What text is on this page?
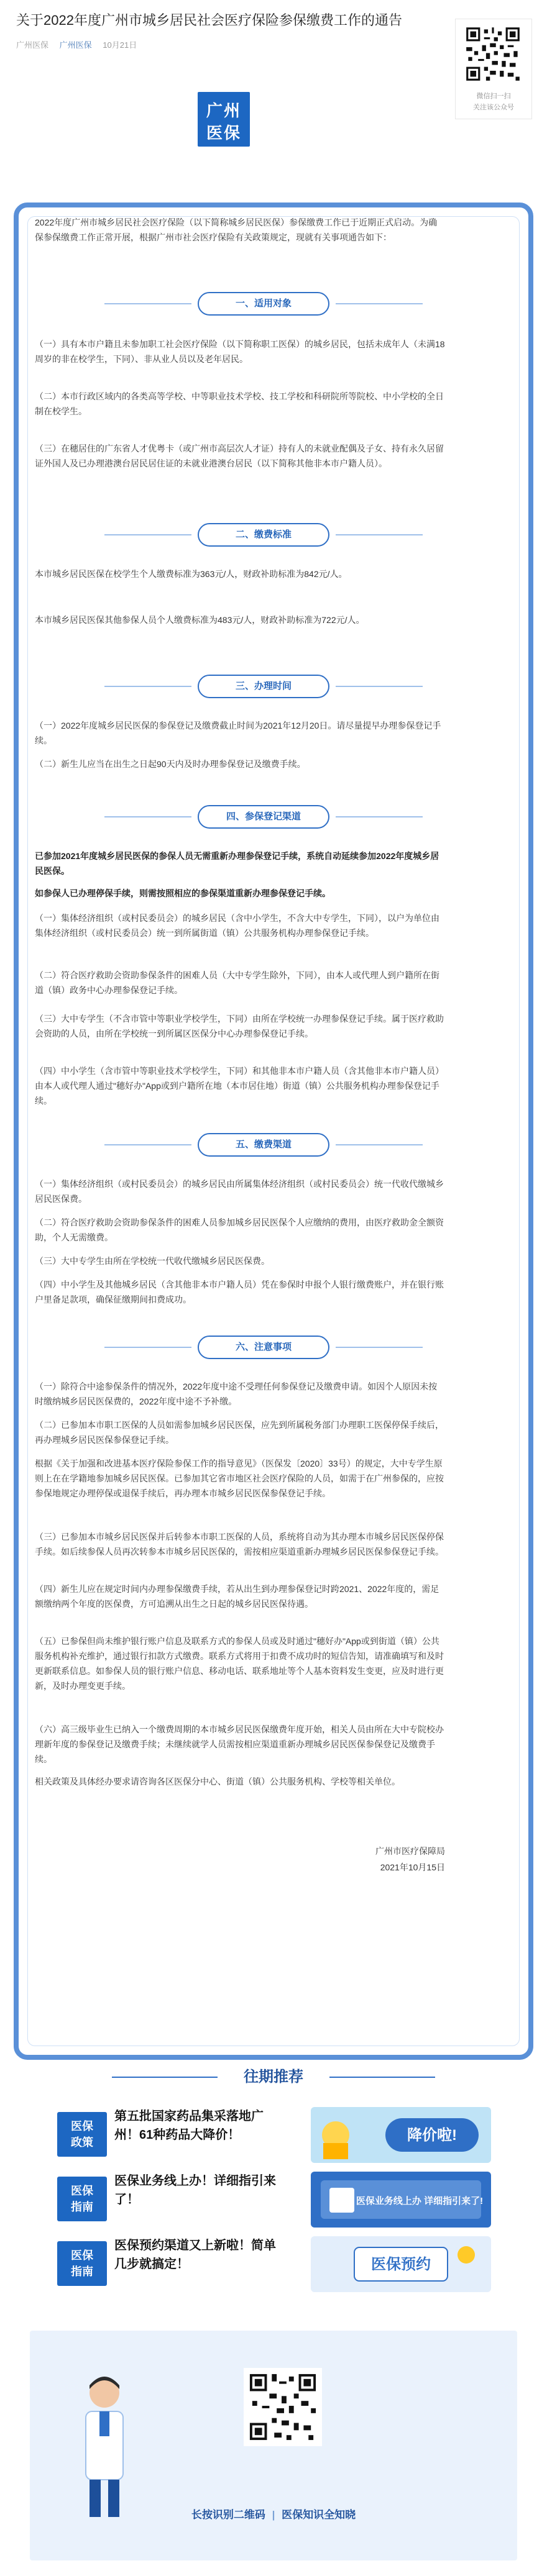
关于2022年度广州市城乡居民社会医疗保险参保缴费工作的通告
广州医保 广州医保 10月21日
微信扫一扫
关注该公众号
广州
医保

2022年度广州市城乡居民社会医疗保险（以下简称城乡居民医保）参保缴费工作已于近期正式启动。为确保参保缴费工作正常开展，根据广州市社会医疗保险有关政策规定，现就有关事项通告如下：

一、适用对象

（一）具有本市户籍且未参加职工社会医疗保险（以下简称职工医保）的城乡居民，包括未成年人（未满18周岁的非在校学生，下同）、非从业人员以及老年居民。

（二）本市行政区域内的各类高等学校、中等职业技术学校、技工学校和科研院所等院校、中小学校的全日制在校学生。

（三）在穗居住的广东省人才优粤卡（或广州市高层次人才证）持有人的未就业配偶及子女、持有永久居留证外国人及已办理港澳台居民居住证的未就业港澳台居民（以下简称其他非本市户籍人员）。

二、缴费标准

本市城乡居民医保在校学生个人缴费标准为363元/人，财政补助标准为842元/人。

本市城乡居民医保其他参保人员个人缴费标准为483元/人，财政补助标准为722元/人。

三、办理时间

（一）2022年度城乡居民医保的参保登记及缴费截止时间为2021年12月20日。请尽量提早办理参保登记手续。

（二）新生儿应当在出生之日起90天内及时办理参保登记及缴费手续。

四、参保登记渠道

已参加2021年度城乡居民医保的参保人员无需重新办理参保登记手续，系统自动延续参加2022年度城乡居民医保。

如参保人已办理停保手续，则需按照相应的参保渠道重新办理参保登记手续。

（一）集体经济组织（或村民委员会）的城乡居民（含中小学生，不含大中专学生，下同），以户为单位由集体经济组织（或村民委员会）统一到所属街道（镇）公共服务机构办理参保登记手续。

（二）符合医疗救助会资助参保条件的困难人员（大中专学生除外，下同），由本人或代理人到户籍所在街道（镇）政务中心办理参保登记手续。

（三）大中专学生（不含市管中等职业学校学生，下同）由所在学校统一办理参保登记手续。属于医疗救助会资助的人员，由所在学校统一到所属区医保分中心办理参保登记手续。

（四）中小学生（含市管中等职业技术学校学生，下同）和其他非本市户籍人员（含其他非本市户籍人员）由本人或代理人通过"穗好办"App或到户籍所在地（本市居住地）街道（镇）公共服务机构办理参保登记手续。

五、缴费渠道

（一）集体经济组织（或村民委员会）的城乡居民由所属集体经济组织（或村民委员会）统一代收代缴城乡居民医保费。

（二）符合医疗救助会资助参保条件的困难人员参加城乡居民医保个人应缴纳的费用，由医疗救助金全额资助，个人无需缴费。

（三）大中专学生由所在学校统一代收代缴城乡居民医保费。

（四）中小学生及其他城乡居民（含其他非本市户籍人员）凭在参保时申报个人银行缴费账户，并在银行账户里备足款项，确保征缴期间扣费成功。

六、注意事项

（一）除符合中途参保条件的情况外，2022年度中途不受理任何参保登记及缴费申请。如因个人原因未按时缴纳城乡居民医保费的，2022年度中途不予补缴。

（二）已参加本市职工医保的人员如需参加城乡居民医保，应先到所属税务部门办理职工医保停保手续后，再办理城乡居民医保参保登记手续。

根据《关于加强和改进基本医疗保险参保工作的指导意见》（医保发〔2020〕33号）的规定，大中专学生原则上在在学籍地参加城乡居民医保。已参加其它省市地区社会医疗保险的人员，如需于在广州参保的，应按参保地规定办理停保或退保手续后，再办理本市城乡居民医保参保登记手续。

（三）已参加本市城乡居民医保并后转参本市职工医保的人员，系统将自动为其办理本市城乡居民医保停保手续。如后续参保人员再次转参本市城乡居民医保的，需按相应渠道重新办理城乡居民医保参保登记手续。

（四）新生儿应在规定时间内办理参保缴费手续，若从出生到办理参保登记时跨2021、2022年度的，需足额缴纳两个年度的医保费，方可追溯从出生之日起的城乡居民医保待遇。

（五）已参保但尚未维护银行账户信息及联系方式的参保人员或及时通过"穗好办"App或到街道（镇）公共服务机构补充维护，通过银行扣款方式缴费。联系方式将用于扣费不成功时的短信告知，请准确填写和及时更新联系信息。如参保人员的银行账户信息、移动电话、联系地址等个人基本资料发生变更，应及时进行更新，及时办理变更手续。

（六）高三级毕业生已纳入一个缴费周期的本市城乡居民医保缴费年度开始，相关人员由所在大中专院校办理新年度的参保登记及缴费手续；未继续就学人员需按相应渠道重新办理城乡居民医保参保登记及缴费手续。

相关政策及具体经办要求请咨询各区医保分中心、街道（镇）公共服务机构、学校等相关单位。

广州市医疗保障局

2021年10月15日

往期推荐
医保
政策
第五批国家药品集采落地广州！61种药品大降价！	降价啦!
医保
指南
医保业务线上办！详细指引来了！	医保业务线上办 详细指引来了!
医保
指南
医保预约渠道又上新啦！简单几步就搞定！	医保预约
长按识别二维码 | 医保知识全知晓
